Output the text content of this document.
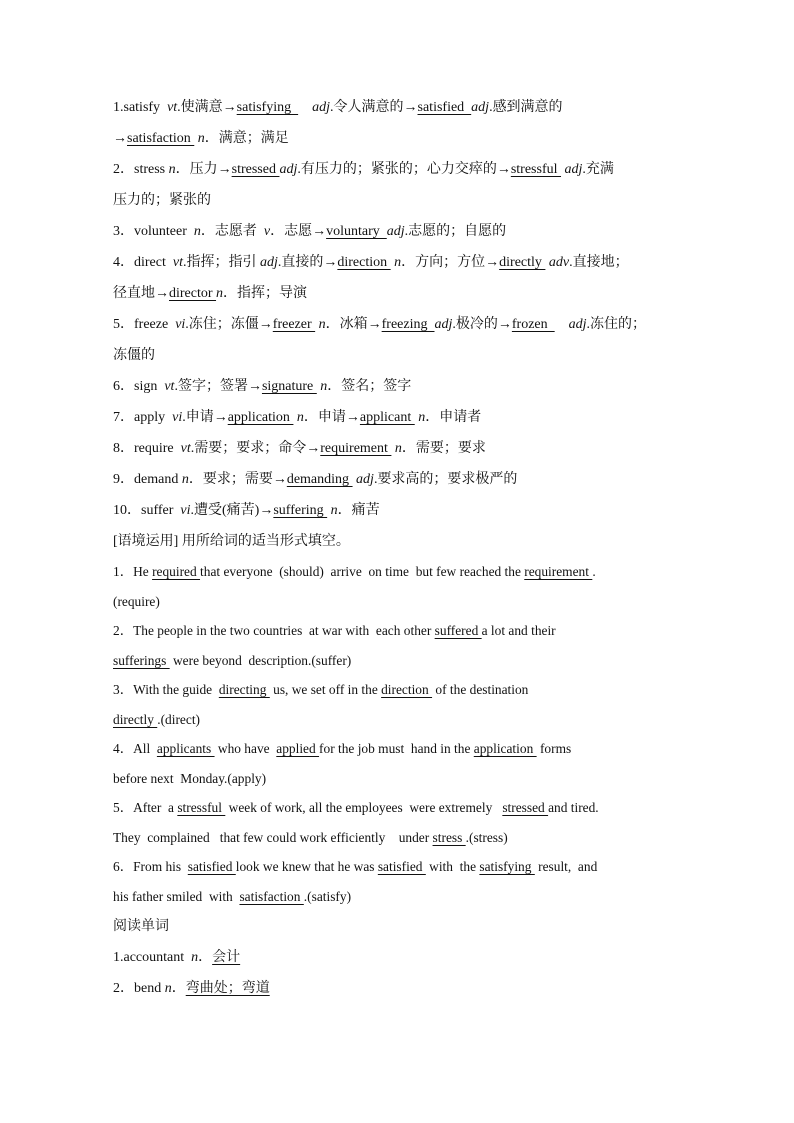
1.satisfy  vt.使满意→satisfying      adj.令人满意的→satisfied  adj.感到满意的
→satisfaction  n．满意；满足
2．stress n．压力→stressed adj.有压力的；紧张的；心力交瘁的→stressful  adj.充满
压力的；紧张的
3．volunteer  n．志愿者  v．志愿→voluntary  adj.志愿的；自愿的
4．direct  vt.指挥；指引 adj.直接的→direction  n．方向；方位→directly  adv.直接地；
径直地→director n．指挥；导演
5．freeze  vi.冻住；冻僵→freezer  n．冰箱→freezing  adj.极冷的→frozen      adj.冻住的；
冻僵的
6．sign  vt.签字；签署→signature  n．签名；签字
7．apply  vi.申请→application  n．申请→applicant  n．申请者
8．require  vt.需要；要求；命令→requirement  n．需要；要求
9．demand n．要求；需要→demanding  adj.要求高的；要求极严的
10．suffer  vi.遭受(痛苦)→suffering  n．痛苦
[语境运用] 用所给词的适当形式填空。
1．He required that everyone  (should)  arrive  on time  but few reached the requirement .
(require)
2．The people in the two countries  at war with  each other suffered a lot and their
sufferings  were beyond  description.(suffer)
3．With the guide  directing  us, we set off in the direction  of the destination
directly .(direct)
4．All  applicants  who have  applied for the job must  hand in the application  forms
before next  Monday.(apply)
5．After  a stressful  week of work, all the employees  were extremely   stressed and tired.
They  complained   that few could work efficiently    under stress .(stress)
6．From his  satisfied look we knew that he was satisfied  with  the satisfying  result,  and
his father smiled  with  satisfaction .(satisfy)
阅读单词
1.accountant  n．会计
2．bend n．弯曲处；弯道
